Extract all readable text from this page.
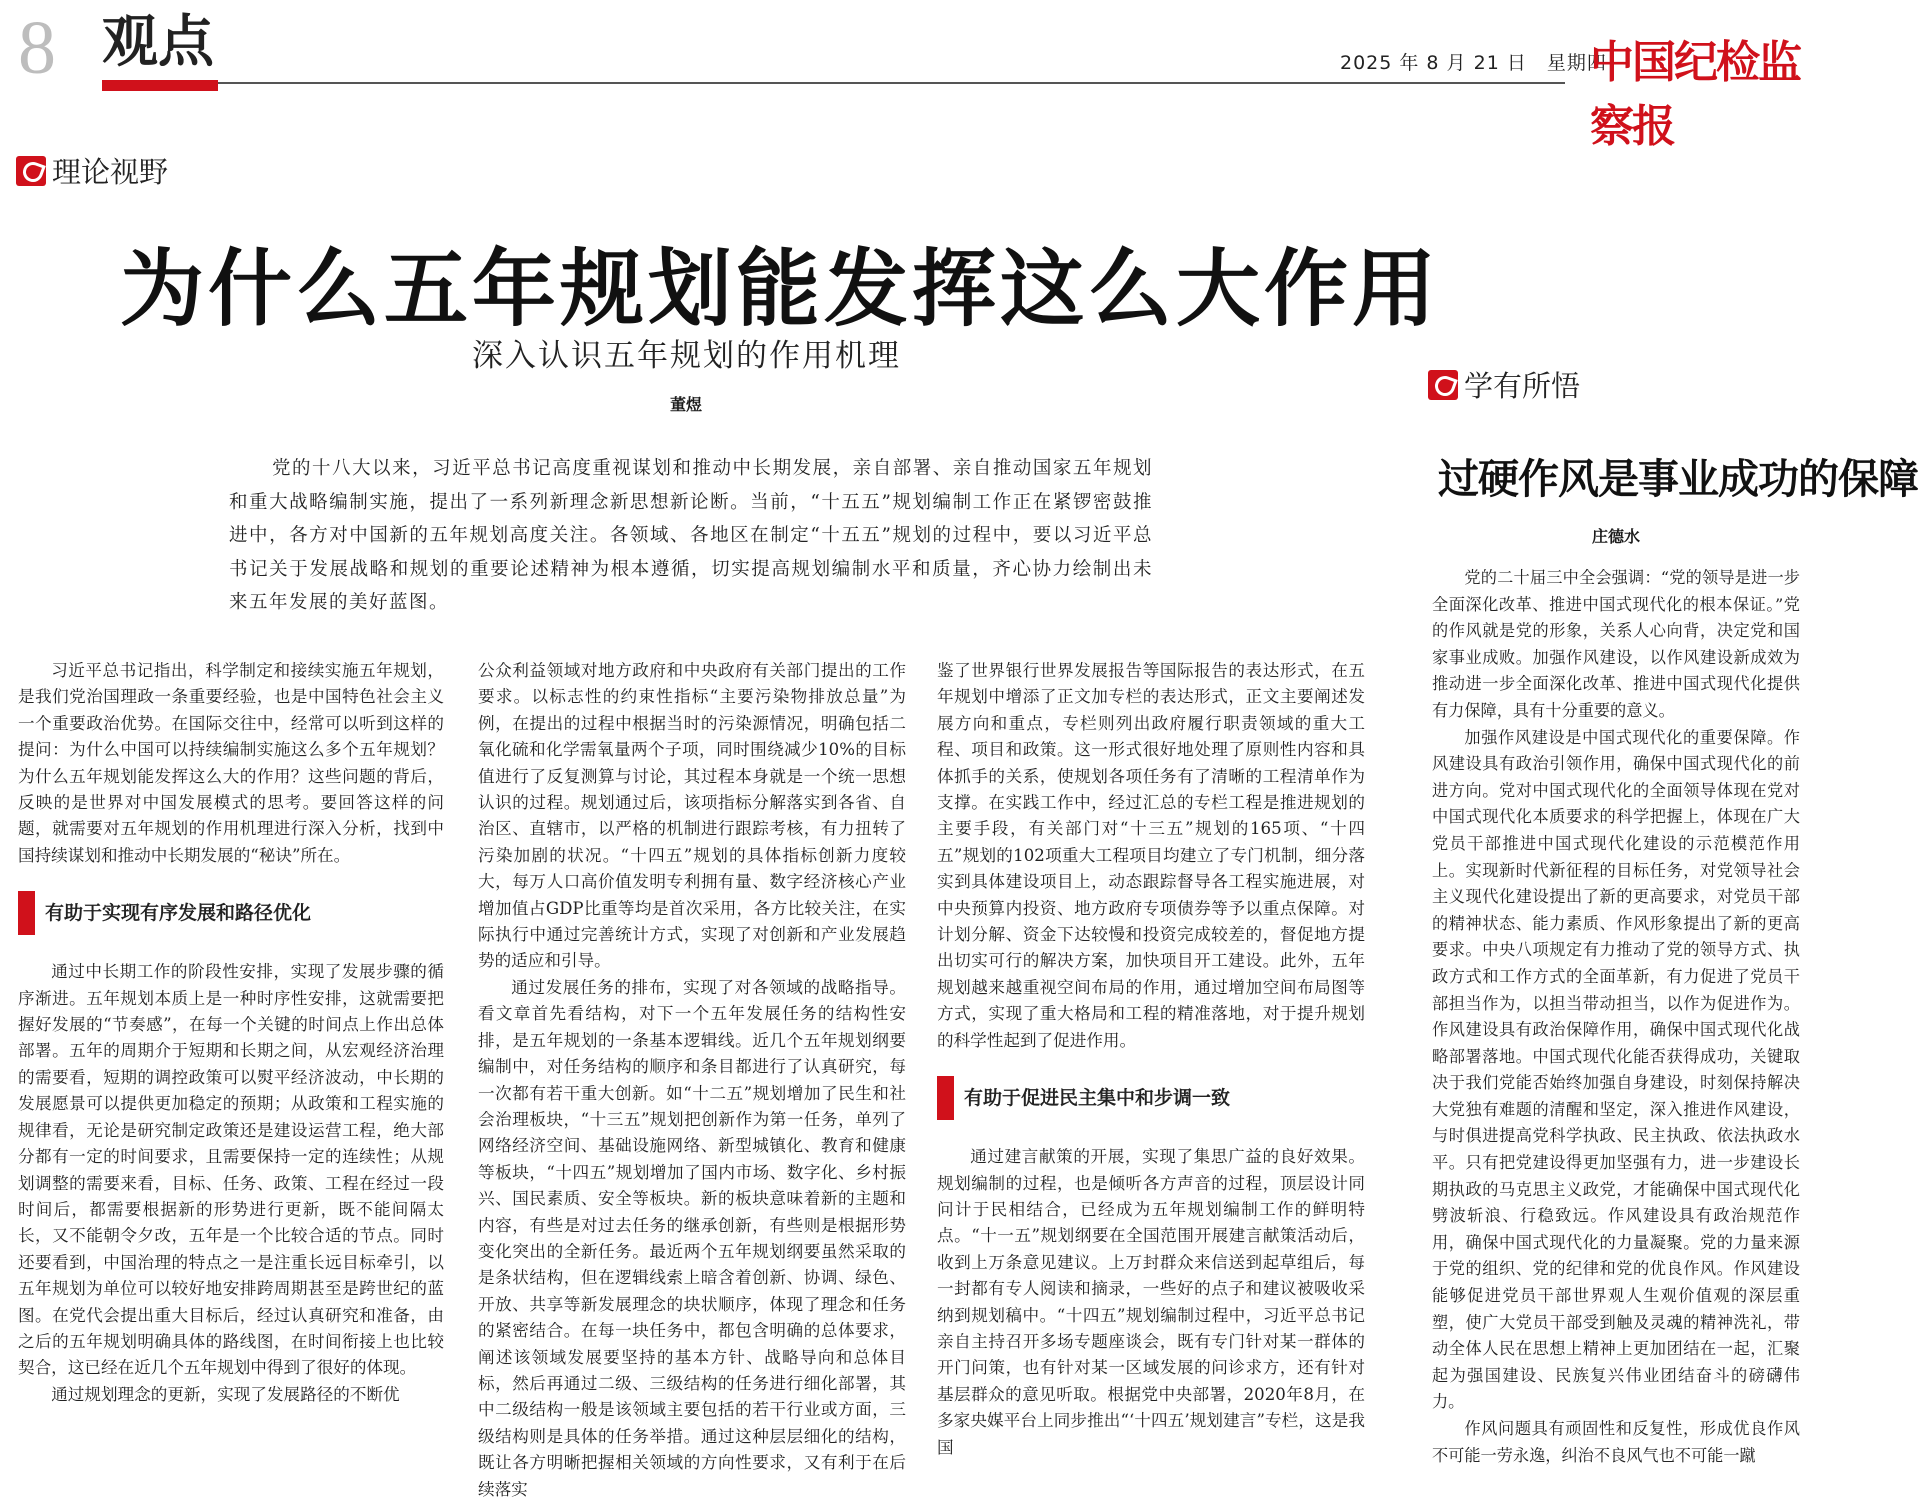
8 观点	2025 年 8 月 21 日　星期四
中国纪检监察报
理论视野
为什么五年规划能发挥这么大作用
深入认识五年规划的作用机理
董煜
党的十八大以来，习近平总书记高度重视谋划和推动中长期发展，亲自部署、亲自推动国家五年规划和重大战略编制实施，提出了一系列新理念新思想新论断。当前，“十五五”规划编制工作正在紧锣密鼓推进中，各方对中国新的五年规划高度关注。各领域、各地区在制定“十五五”规划的过程中，要以习近平总书记关于发展战略和规划的重要论述精神为根本遵循，切实提高规划编制水平和质量，齐心协力绘制出未来五年发展的美好蓝图。

习近平总书记指出，科学制定和接续实施五年规划，是我们党治国理政一条重要经验，也是中国特色社会主义一个重要政治优势。在国际交往中，经常可以听到这样的提问：为什么中国可以持续编制实施这么多个五年规划？为什么五年规划能发挥这么大的作用？这些问题的背后，反映的是世界对中国发展模式的思考。要回答这样的问题，就需要对五年规划的作用机理进行深入分析，找到中国持续谋划和推动中长期发展的“秘诀”所在。

有助于实现有序发展和路径优化

通过中长期工作的阶段性安排，实现了发展步骤的循序渐进。五年规划本质上是一种时序性安排，这就需要把握好发展的“节奏感”，在每一个关键的时间点上作出总体部署。五年的周期介于短期和长期之间，从宏观经济治理的需要看，短期的调控政策可以熨平经济波动，中长期的发展愿景可以提供更加稳定的预期；从政策和工程实施的规律看，无论是研究制定政策还是建设运营工程，绝大部分都有一定的时间要求，且需要保持一定的连续性；从规划调整的需要来看，目标、任务、政策、工程在经过一段时间后，都需要根据新的形势进行更新，既不能间隔太长，又不能朝令夕改，五年是一个比较合适的节点。同时还要看到，中国治理的特点之一是注重长远目标牵引，以五年规划为单位可以较好地安排跨周期甚至是跨世纪的蓝图。在党代会提出重大目标后，经过认真研究和准备，由之后的五年规划明确具体的路线图，在时间衔接上也比较契合，这已经在近几个五年规划中得到了很好的体现。

通过规划理念的更新，实现了发展路径的不断优

公众利益领域对地方政府和中央政府有关部门提出的工作要求。以标志性的约束性指标“主要污染物排放总量”为例，在提出的过程中根据当时的污染源情况，明确包括二氧化硫和化学需氧量两个子项，同时围绕减少10%的目标值进行了反复测算与讨论，其过程本身就是一个统一思想认识的过程。规划通过后，该项指标分解落实到各省、自治区、直辖市，以严格的机制进行跟踪考核，有力扭转了污染加剧的状况。“十四五”规划的具体指标创新力度较大，每万人口高价值发明专利拥有量、数字经济核心产业增加值占GDP比重等均是首次采用，各方比较关注，在实际执行中通过完善统计方式，实现了对创新和产业发展趋势的适应和引导。

通过发展任务的排布，实现了对各领域的战略指导。看文章首先看结构，对下一个五年发展任务的结构性安排，是五年规划的一条基本逻辑线。近几个五年规划纲要编制中，对任务结构的顺序和条目都进行了认真研究，每一次都有若干重大创新。如“十二五”规划增加了民生和社会治理板块，“十三五”规划把创新作为第一任务，单列了网络经济空间、基础设施网络、新型城镇化、教育和健康等板块，“十四五”规划增加了国内市场、数字化、乡村振兴、国民素质、安全等板块。新的板块意味着新的主题和内容，有些是对过去任务的继承创新，有些则是根据形势变化突出的全新任务。最近两个五年规划纲要虽然采取的是条状结构，但在逻辑线索上暗含着创新、协调、绿色、开放、共享等新发展理念的块状顺序，体现了理念和任务的紧密结合。在每一块任务中，都包含明确的总体要求，阐述该领域发展要坚持的基本方针、战略导向和总体目标，然后再通过二级、三级结构的任务进行细化部署，其中二级结构一般是该领域主要包括的若干行业或方面，三级结构则是具体的任务举措。通过这种层层细化的结构，既让各方明晰把握相关领域的方向性要求，又有利于在后续落实

鉴了世界银行世界发展报告等国际报告的表达形式，在五年规划中增添了正文加专栏的表达形式，正文主要阐述发展方向和重点，专栏则列出政府履行职责领域的重大工程、项目和政策。这一形式很好地处理了原则性内容和具体抓手的关系，使规划各项任务有了清晰的工程清单作为支撑。在实践工作中，经过汇总的专栏工程是推进规划的主要手段，有关部门对“十三五”规划的165项、“十四五”规划的102项重大工程项目均建立了专门机制，细分落实到具体建设项目上，动态跟踪督导各工程实施进展，对中央预算内投资、地方政府专项债券等予以重点保障。对计划分解、资金下达较慢和投资完成较差的，督促地方提出切实可行的解决方案，加快项目开工建设。此外，五年规划越来越重视空间布局的作用，通过增加空间布局图等方式，实现了重大格局和工程的精准落地，对于提升规划的科学性起到了促进作用。

有助于促进民主集中和步调一致

通过建言献策的开展，实现了集思广益的良好效果。规划编制的过程，也是倾听各方声音的过程，顶层设计同问计于民相结合，已经成为五年规划编制工作的鲜明特点。“十一五”规划纲要在全国范围开展建言献策活动后，收到上万条意见建议。上万封群众来信送到起草组后，每一封都有专人阅读和摘录，一些好的点子和建议被吸收采纳到规划稿中。“十四五”规划编制过程中，习近平总书记亲自主持召开多场专题座谈会，既有专门针对某一群体的开门问策，也有针对某一区域发展的问诊求方，还有针对基层群众的意见听取。根据党中央部署，2020年8月，在多家央媒平台上同步推出“‘十四五’规划建言”专栏，这是我国

学有所悟
过硬作风是事业成功的保障
庄德水

党的二十届三中全会强调：“党的领导是进一步全面深化改革、推进中国式现代化的根本保证。”党的作风就是党的形象，关系人心向背，决定党和国家事业成败。加强作风建设，以作风建设新成效为推动进一步全面深化改革、推进中国式现代化提供有力保障，具有十分重要的意义。

加强作风建设是中国式现代化的重要保障。作风建设具有政治引领作用，确保中国式现代化的前进方向。党对中国式现代化的全面领导体现在党对中国式现代化本质要求的科学把握上，体现在广大党员干部推进中国式现代化建设的示范模范作用上。实现新时代新征程的目标任务，对党领导社会主义现代化建设提出了新的更高要求，对党员干部的精神状态、能力素质、作风形象提出了新的更高要求。中央八项规定有力推动了党的领导方式、执政方式和工作方式的全面革新，有力促进了党员干部担当作为，以担当带动担当，以作为促进作为。作风建设具有政治保障作用，确保中国式现代化战略部署落地。中国式现代化能否获得成功，关键取决于我们党能否始终加强自身建设，时刻保持解决大党独有难题的清醒和坚定，深入推进作风建设，与时俱进提高党科学执政、民主执政、依法执政水平。只有把党建设得更加坚强有力，进一步建设长期执政的马克思主义政党，才能确保中国式现代化劈波斩浪、行稳致远。作风建设具有政治规范作用，确保中国式现代化的力量凝聚。党的力量来源于党的组织、党的纪律和党的优良作风。作风建设能够促进党员干部世界观人生观价值观的深层重塑，使广大党员干部受到触及灵魂的精神洗礼，带动全体人民在思想上精神上更加团结在一起，汇聚起为强国建设、民族复兴伟业团结奋斗的磅礴伟力。

作风问题具有顽固性和反复性，形成优良作风不可能一劳永逸，纠治不良风气也不可能一蹴
